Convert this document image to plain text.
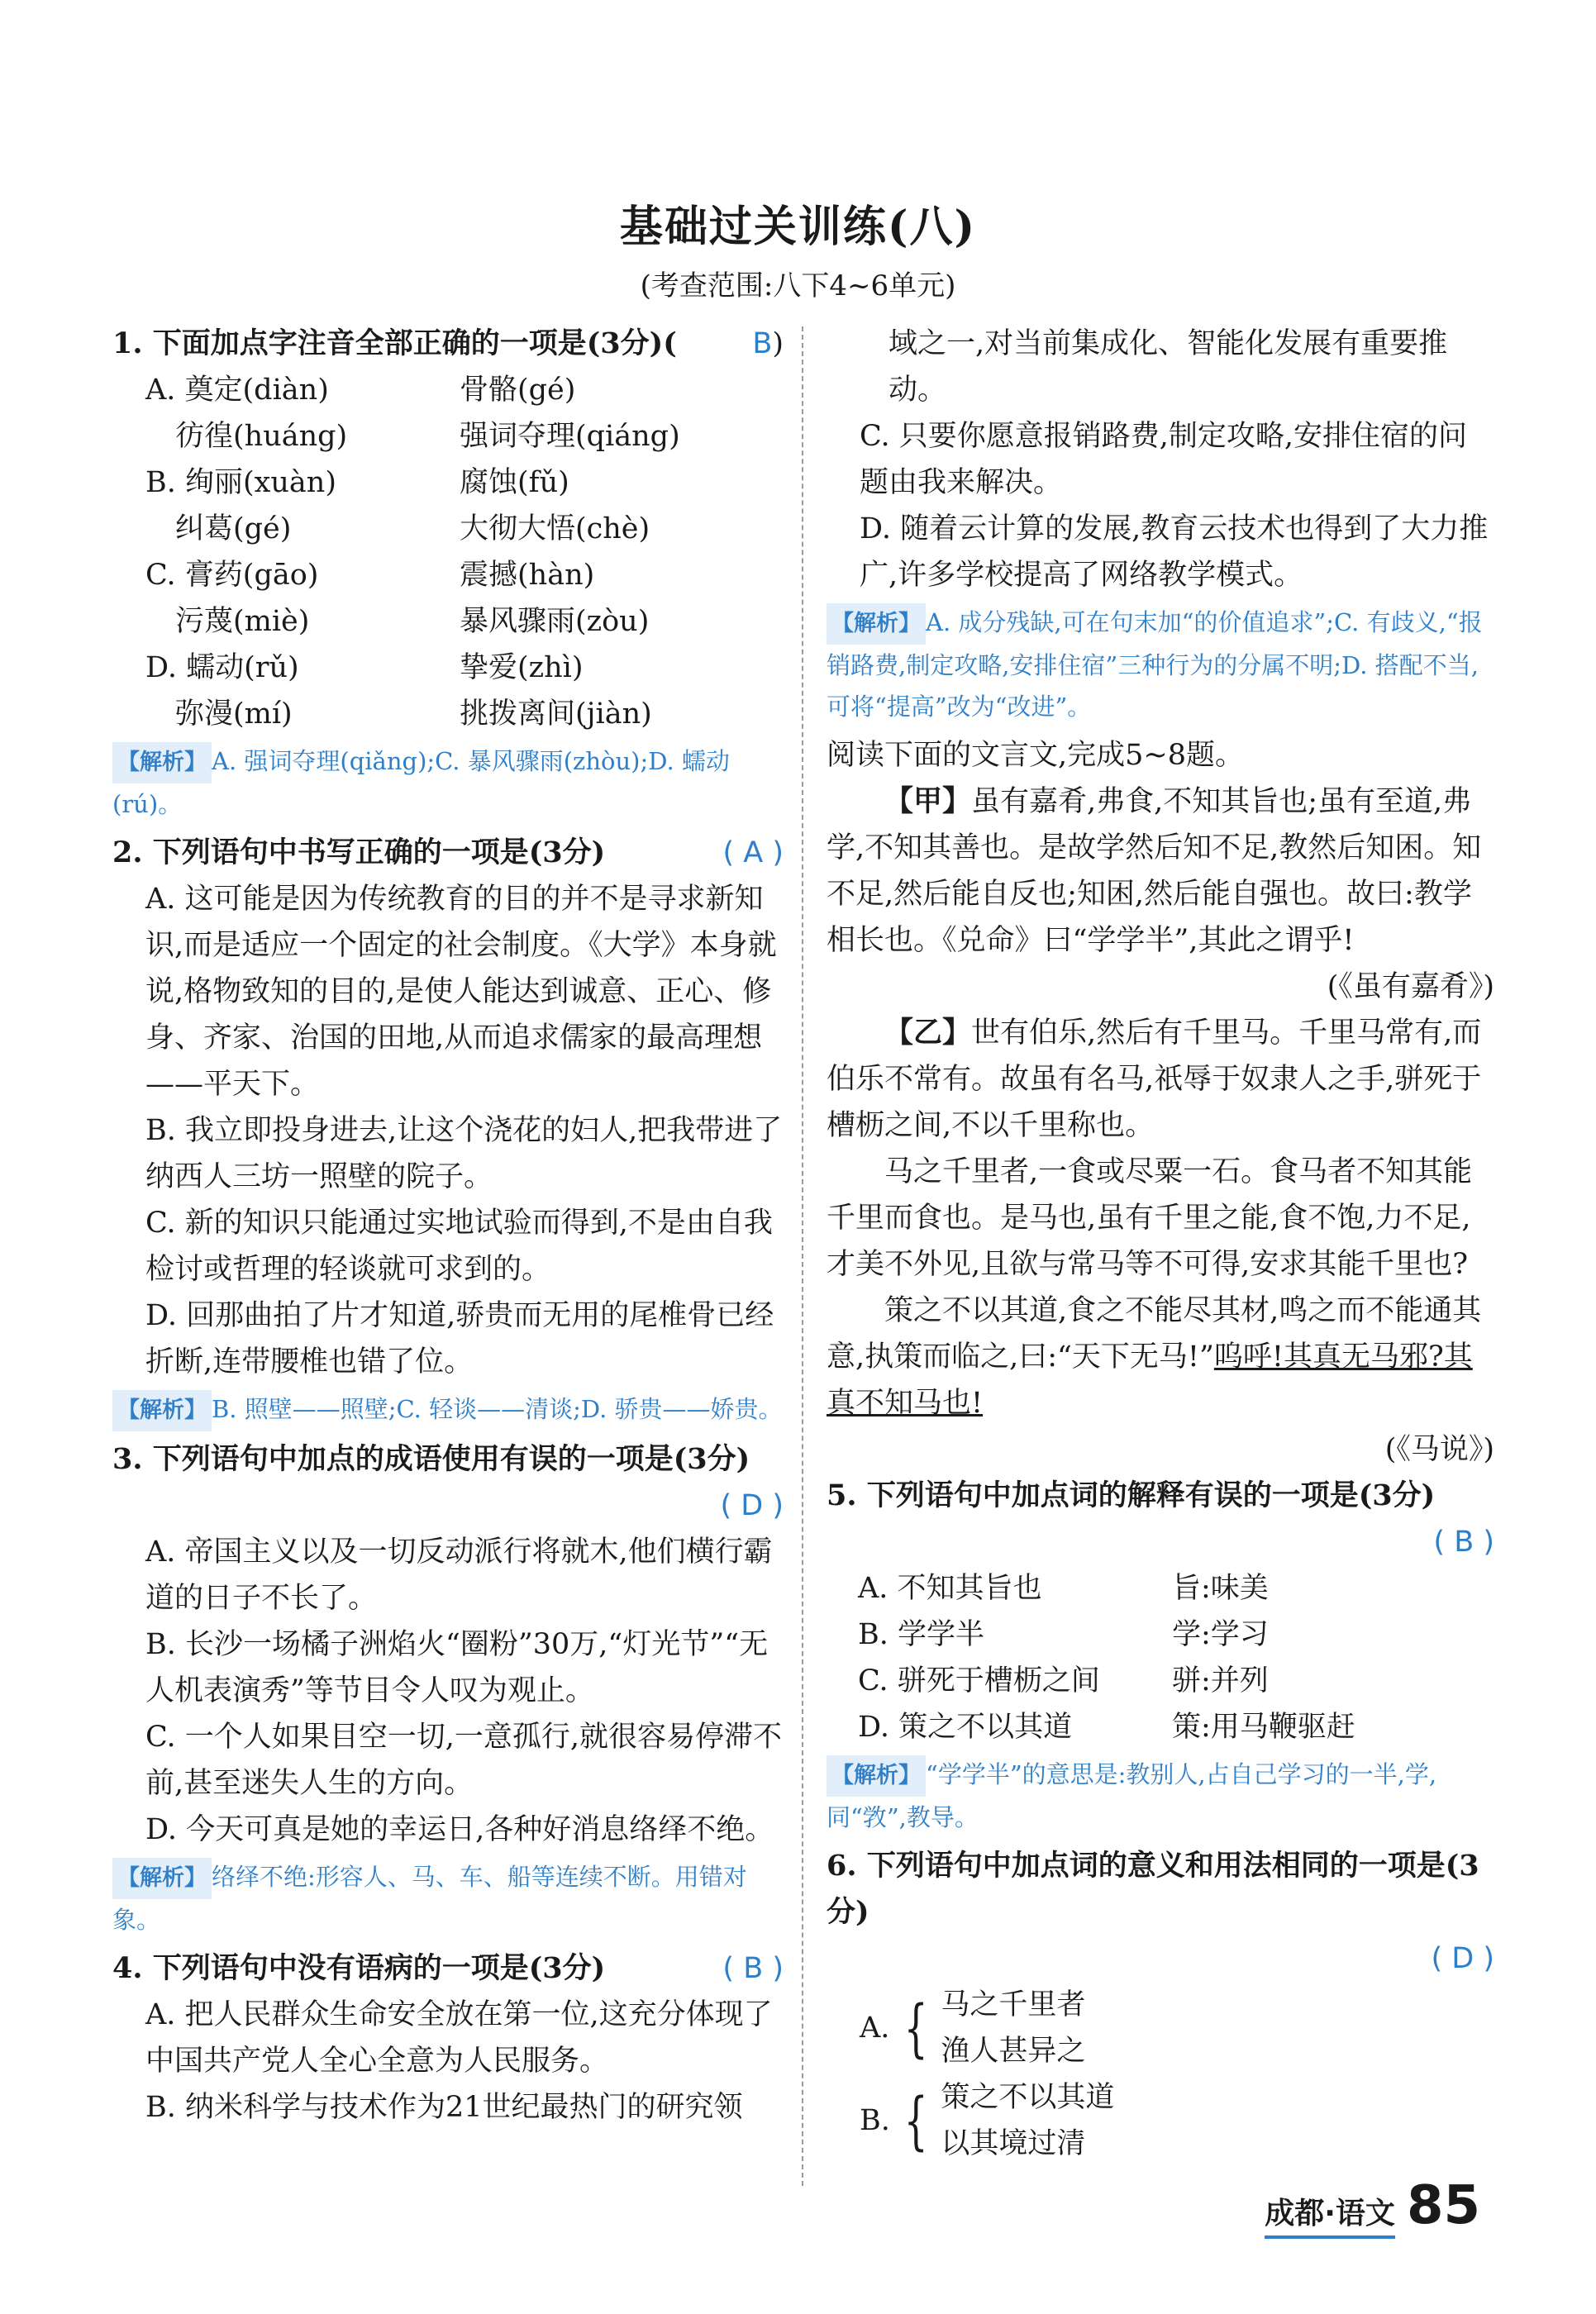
基础过关训练(八)
(考查范围:八下4~6单元)
1. 下面加点字注音全部正确的一项是(3分)(	B)
A. 奠定(diàn)	骨骼(gé)
彷徨(huáng)	强词夺理(qiáng)
B. 绚丽(xuàn)	腐蚀(fǔ)
纠葛(gé)	大彻大悟(chè)
C. 膏药(gāo)	震撼(hàn)
污蔑(miè)	暴风骤雨(zòu)
D. 蠕动(rǔ)	挚爱(zhì)
弥漫(mí)	挑拨离间(jiàn)
【解析】 A. 强词夺理(qiǎng);C. 暴风骤雨(zhòu);D. 蠕动(rú)。
2. 下列语句中书写正确的一项是(3分)	( A )
A. 这可能是因为传统教育的目的并不是寻求新知识,而是适应一个固定的社会制度。《大学》本身就说,格物致知的目的,是使人能达到诚意、正心、修身、齐家、治国的田地,从而追求儒家的最高理想——平天下。
B. 我立即投身进去,让这个浇花的妇人,把我带进了纳西人三坊一照壁的院子。
C. 新的知识只能通过实地试验而得到,不是由自我检讨或哲理的轻谈就可求到的。
D. 回那曲拍了片才知道,骄贵而无用的尾椎骨已经折断,连带腰椎也错了位。
【解析】 B. 照壁——照壁;C. 轻谈——清谈;D. 骄贵——娇贵。
3. 下列语句中加点的成语使用有误的一项是(3分)
( D )
A. 帝国主义以及一切反动派行将就木,他们横行霸道的日子不长了。
B. 长沙一场橘子洲焰火“圈粉”30万,“灯光节”“无人机表演秀”等节目令人叹为观止。
C. 一个人如果目空一切,一意孤行,就很容易停滞不前,甚至迷失人生的方向。
D. 今天可真是她的幸运日,各种好消息络绎不绝。
【解析】 络绎不绝:形容人、马、车、船等连续不断。用错对象。
4. 下列语句中没有语病的一项是(3分)	( B )
A. 把人民群众生命安全放在第一位,这充分体现了中国共产党人全心全意为人民服务。
B. 纳米科学与技术作为21世纪最热门的研究领
域之一,对当前集成化、智能化发展有重要推动。
C. 只要你愿意报销路费,制定攻略,安排住宿的问题由我来解决。
D. 随着云计算的发展,教育云技术也得到了大力推广,许多学校提高了网络教学模式。
【解析】 A. 成分残缺,可在句末加“的价值追求”;C. 有歧义,“报销路费,制定攻略,安排住宿”三种行为的分属不明;D. 搭配不当,可将“提高”改为“改进”。
阅读下面的文言文,完成5~8题。

【甲】虽有嘉肴,弗食,不知其旨也;虽有至道,弗学,不知其善也。是故学然后知不足,教然后知困。知不足,然后能自反也;知困,然后能自强也。故曰:教学相长也。《兑命》曰“学学半”,其此之谓乎!

(《虽有嘉肴》)

【乙】世有伯乐,然后有千里马。千里马常有,而伯乐不常有。故虽有名马,祇辱于奴隶人之手,骈死于槽枥之间,不以千里称也。

马之千里者,一食或尽粟一石。食马者不知其能千里而食也。是马也,虽有千里之能,食不饱,力不足,才美不外见,且欲与常马等不可得,安求其能千里也?

策之不以其道,食之不能尽其材,鸣之而不能通其意,执策而临之,曰:“天下无马!”呜呼!其真无马邪?其真不知马也!

(《马说》)

5. 下列语句中加点词的解释有误的一项是(3分)
( B )
A. 不知其旨也	旨:味美
B. 学学半	学:学习
C. 骈死于槽枥之间	骈:并列
D. 策之不以其道	策:用马鞭驱赶
【解析】 “学学半”的意思是:教别人,占自己学习的一半,学,同“敩”,教导。
6. 下列语句中加点词的意义和用法相同的一项是(3分)
( D )
A. { 马之千里者
渔人甚异之
B. { 策之不以其道
以其境过清
成都·语文 85
